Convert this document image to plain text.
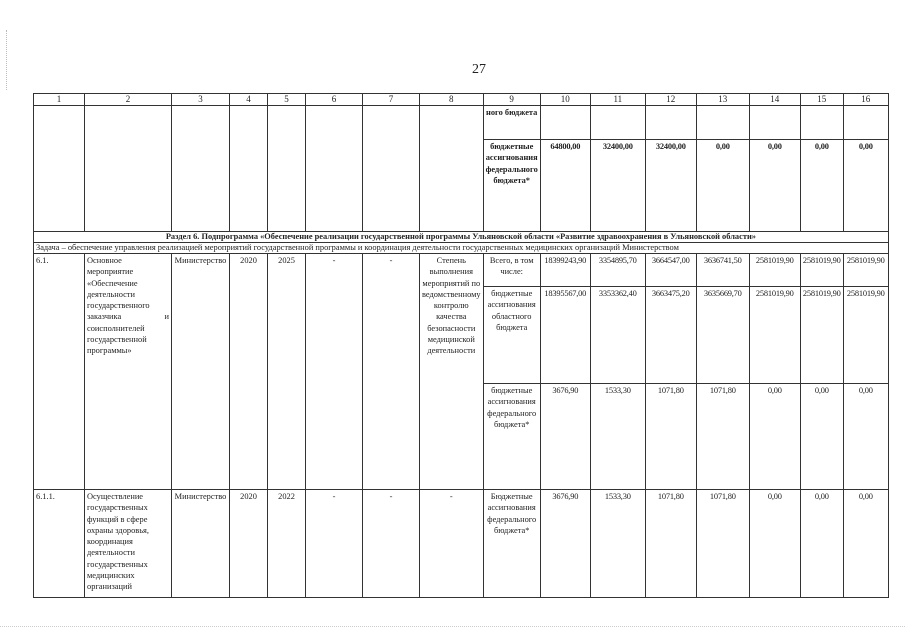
27
1	2	3	4	5	6	7	8	9	10	11	12	13	14	15	16
								ного бюджета							
								бюджетные ассигнования федерального бюджета*	64800,00	32400,00	32400,00	0,00	0,00	0,00	0,00
Раздел 6. Подпрограмма «Обеспечение реализации государственной программы Ульяновской области «Развитие здравоохранения в Ульяновской области»															
Задача – обеспечение управления реализацией мероприятий государственной программы и координация деятельности государственных медицинских организаций Министерством															
6.1.	Основное мероприятие «Обеспечение деятельности государственного заказчика и соисполнителей государственной программы»	Министерство	2020	2025	-	-	Степень выполнения мероприятий по ведомственному контролю качества безопасности медицинской деятельности	Всего, в том числе:	18399243,90	3354895,70	3664547,00	3636741,50	2581019,90	2581019,90	2581019,90
								бюджетные ассигнования областного бюджета	18395567,00	3353362,40	3663475,20	3635669,70	2581019,90	2581019,90	2581019,90
								бюджетные ассигнования федерального бюджета*	3676,90	1533,30	1071,80	1071,80	0,00	0,00	0,00
6.1.1.	Осуществление государственных функций в сфере охраны здоровья, координация деятельности государственных медицинских организаций	Министерство	2020	2022	-	-	-	Бюджетные ассигнования федерального бюджета*	3676,90	1533,30	1071,80	1071,80	0,00	0,00	0,00
